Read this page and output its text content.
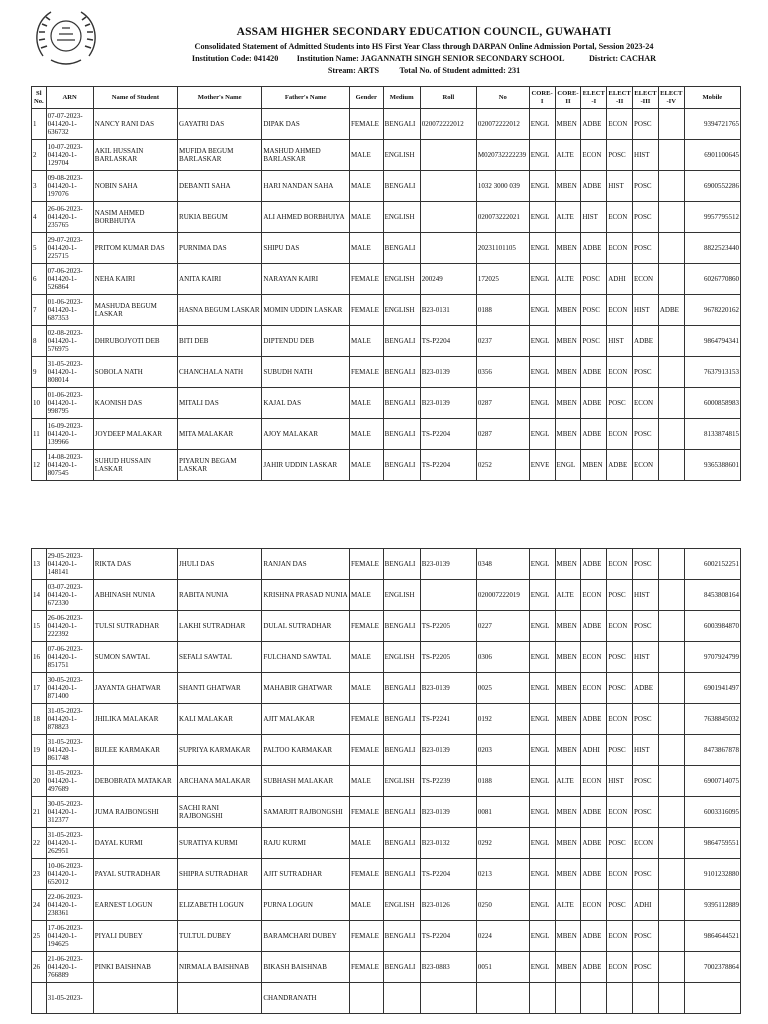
ASSAM HIGHER SECONDARY EDUCATION COUNCIL, GUWAHATI
Consolidated Statement of Admitted Students into HS First Year Class through DARPAN Online Admission Portal, Session 2023-24
Institution Code: 041420 Institution Name: JAGANNATH SINGH SENIOR SECONDARY SCHOOL	District: CACHAR
Stream: ARTS Total No. of Student admitted: 231
Sl No.	ARN	Name of Student	Mother's Name	Father's Name	Gender	Medium	Roll	No	CORE-I	CORE-II	ELECT-I	ELECT-II	ELECT-III	ELECT-IV	Mobile
1	07-07-2023-041420-1-636732	NANCY RANI DAS	GAYATRI DAS	DIPAK DAS	FEMALE	BENGALI	020072222012	020072222012	ENGL	MBEN	ADBE	ECON	POSC		9394721765
2	10-07-2023-041420-1-129704	AKIL HUSSAIN BARLASKAR	MUFIDA BEGUM BARLASKAR	MASHUD AHMED BARLASKAR	MALE	ENGLISH		M020732222239	ENGL	ALTE	ECON	POSC	HIST		6901100645
3	09-08-2023-041420-1-197076	NOBIN SAHA	DEBANTI SAHA	HARI NANDAN SAHA	MALE	BENGALI		1032 3000 039	ENGL	MBEN	ADBE	HIST	POSC		6900552286
4	26-06-2023-041420-1-235765	NASIM AHMED BORBHUIYA	RUKIA BEGUM	ALI AHMED BORBHUIYA	MALE	ENGLISH		020073222021	ENGL	ALTE	HIST	ECON	POSC		9957795512
5	29-07-2023-041420-1-225715	PRITOM KUMAR DAS	PURNIMA DAS	SHIPU DAS	MALE	BENGALI		20231101105	ENGL	MBEN	ADBE	ECON	POSC		8822523440
6	07-06-2023-041420-1-526864	NEHA KAIRI	ANITA KAIRI	NARAYAN KAIRI	FEMALE	ENGLISH	200249	172025	ENGL	ALTE	POSC	ADHI	ECON		6026770860
7	01-06-2023-041420-1-687353	MASHUDA BEGUM LASKAR	HASNA BEGUM LASKAR	MOMIN UDDIN LASKAR	FEMALE	ENGLISH	B23-0131	0188	ENGL	MBEN	POSC	ECON	HIST	ADBE	9678220162
8	02-08-2023-041420-1-576975	DHRUBOJYOTI DEB	BITI DEB	DIPTENDU DEB	MALE	BENGALI	TS-P2204	0237	ENGL	MBEN	POSC	HIST	ADBE		9864794341
9	31-05-2023-041420-1-808014	SOBOLA NATH	CHANCHALA NATH	SUBUDH NATH	FEMALE	BENGALI	B23-0139	0356	ENGL	MBEN	ADBE	ECON	POSC		7637913153
10	01-06-2023-041420-1-998795	KAONISH DAS	MITALI DAS	KAJAL DAS	MALE	BENGALI	B23-0139	0287	ENGL	MBEN	ADBE	POSC	ECON		6000858983
11	16-09-2023-041420-1-139966	JOYDEEP MALAKAR	MITA MALAKAR	AJOY MALAKAR	MALE	BENGALI	TS-P2204	0287	ENGL	MBEN	ADBE	ECON	POSC		8133874815
12	14-08-2023-041420-1-807545	SUHUD HUSSAIN LASKAR	PIYARUN BEGAM LASKAR	JAHIR UDDIN LASKAR	MALE	BENGALI	TS-P2204	0252	ENVE	ENGL	MBEN	ADBE	ECON		9365388601
13	29-05-2023-041420-1-148141	RIKTA DAS	JHULI DAS	RANJAN DAS	FEMALE	BENGALI	B23-0139	0348	ENGL	MBEN	ADBE	ECON	POSC		6002152251
14	03-07-2023-041420-1-672330	ABHINASH NUNIA	RABITA NUNIA	KRISHNA PRASAD NUNIA	MALE	ENGLISH		020007222019	ENGL	ALTE	ECON	POSC	HIST		8453808164
15	26-06-2023-041420-1-222392	TULSI SUTRADHAR	LAKHI SUTRADHAR	DULAL SUTRADHAR	FEMALE	BENGALI	TS-P2205	0227	ENGL	MBEN	ADBE	ECON	POSC		6003984870
16	07-06-2023-041420-1-851751	SUMON SAWTAL	SEFALI SAWTAL	FULCHAND SAWTAL	MALE	ENGLISH	TS-P2205	0306	ENGL	MBEN	ECON	POSC	HIST		9707924799
17	30-05-2023-041420-1-871400	JAYANTA GHATWAR	SHANTI GHATWAR	MAHABIR GHATWAR	MALE	BENGALI	B23-0139	0025	ENGL	MBEN	ECON	POSC	ADBE		6901941497
18	31-05-2023-041420-1-878823	JHILIKA MALAKAR	KALI MALAKAR	AJIT MALAKAR	FEMALE	BENGALI	TS-P2241	0192	ENGL	MBEN	ADBE	ECON	POSC		7638845032
19	31-05-2023-041420-1-861748	BIJLEE KARMAKAR	SUPRIYA KARMAKAR	PALTOO KARMAKAR	FEMALE	BENGALI	B23-0139	0203	ENGL	MBEN	ADHI	POSC	HIST		8473867878
20	31-05-2023-041420-1-497689	DEBOBRATA MATAKAR	ARCHANA MALAKAR	SUBHASH MALAKAR	MALE	ENGLISH	TS-P2239	0188	ENGL	ALTE	ECON	HIST	POSC		6900714075
21	30-05-2023-041420-1-312377	JUMA RAJBONGSHI	SACHI RANI RAJBONGSHI	SAMARJIT RAJBONGSHI	FEMALE	BENGALI	B23-0139	0081	ENGL	MBEN	ADBE	ECON	POSC		6003316095
22	31-05-2023-041420-1-262951	DAYAL KURMI	SURATIYA KURMI	RAJU KURMI	MALE	BENGALI	B23-0132	0292	ENGL	MBEN	ADBE	POSC	ECON		9864759551
23	10-06-2023-041420-1-652012	PAYAL SUTRADHAR	SHIPRA SUTRADHAR	AJIT SUTRADHAR	FEMALE	BENGALI	TS-P2204	0213	ENGL	MBEN	ADBE	ECON	POSC		9101232880
24	22-06-2023-041420-1-238361	EARNEST LOGUN	ELIZABETH LOGUN	PURNA LOGUN	MALE	ENGLISH	B23-0126	0250	ENGL	ALTE	ECON	POSC	ADHI		9395112889
25	17-06-2023-041420-1-194625	PIYALI DUBEY	TULTUL DUBEY	BARAMCHARI DUBEY	FEMALE	BENGALI	TS-P2204	0224	ENGL	MBEN	ADBE	ECON	POSC		9864644521
26	21-06-2023-041420-1-766889	PINKI BAISHNAB	NIRMALA BAISHNAB	BIKASH BAISHNAB	FEMALE	BENGALI	B23-0883	0051	ENGL	MBEN	ADBE	ECON	POSC		7002378864
	31-05-2023-			CHANDRANATH											
